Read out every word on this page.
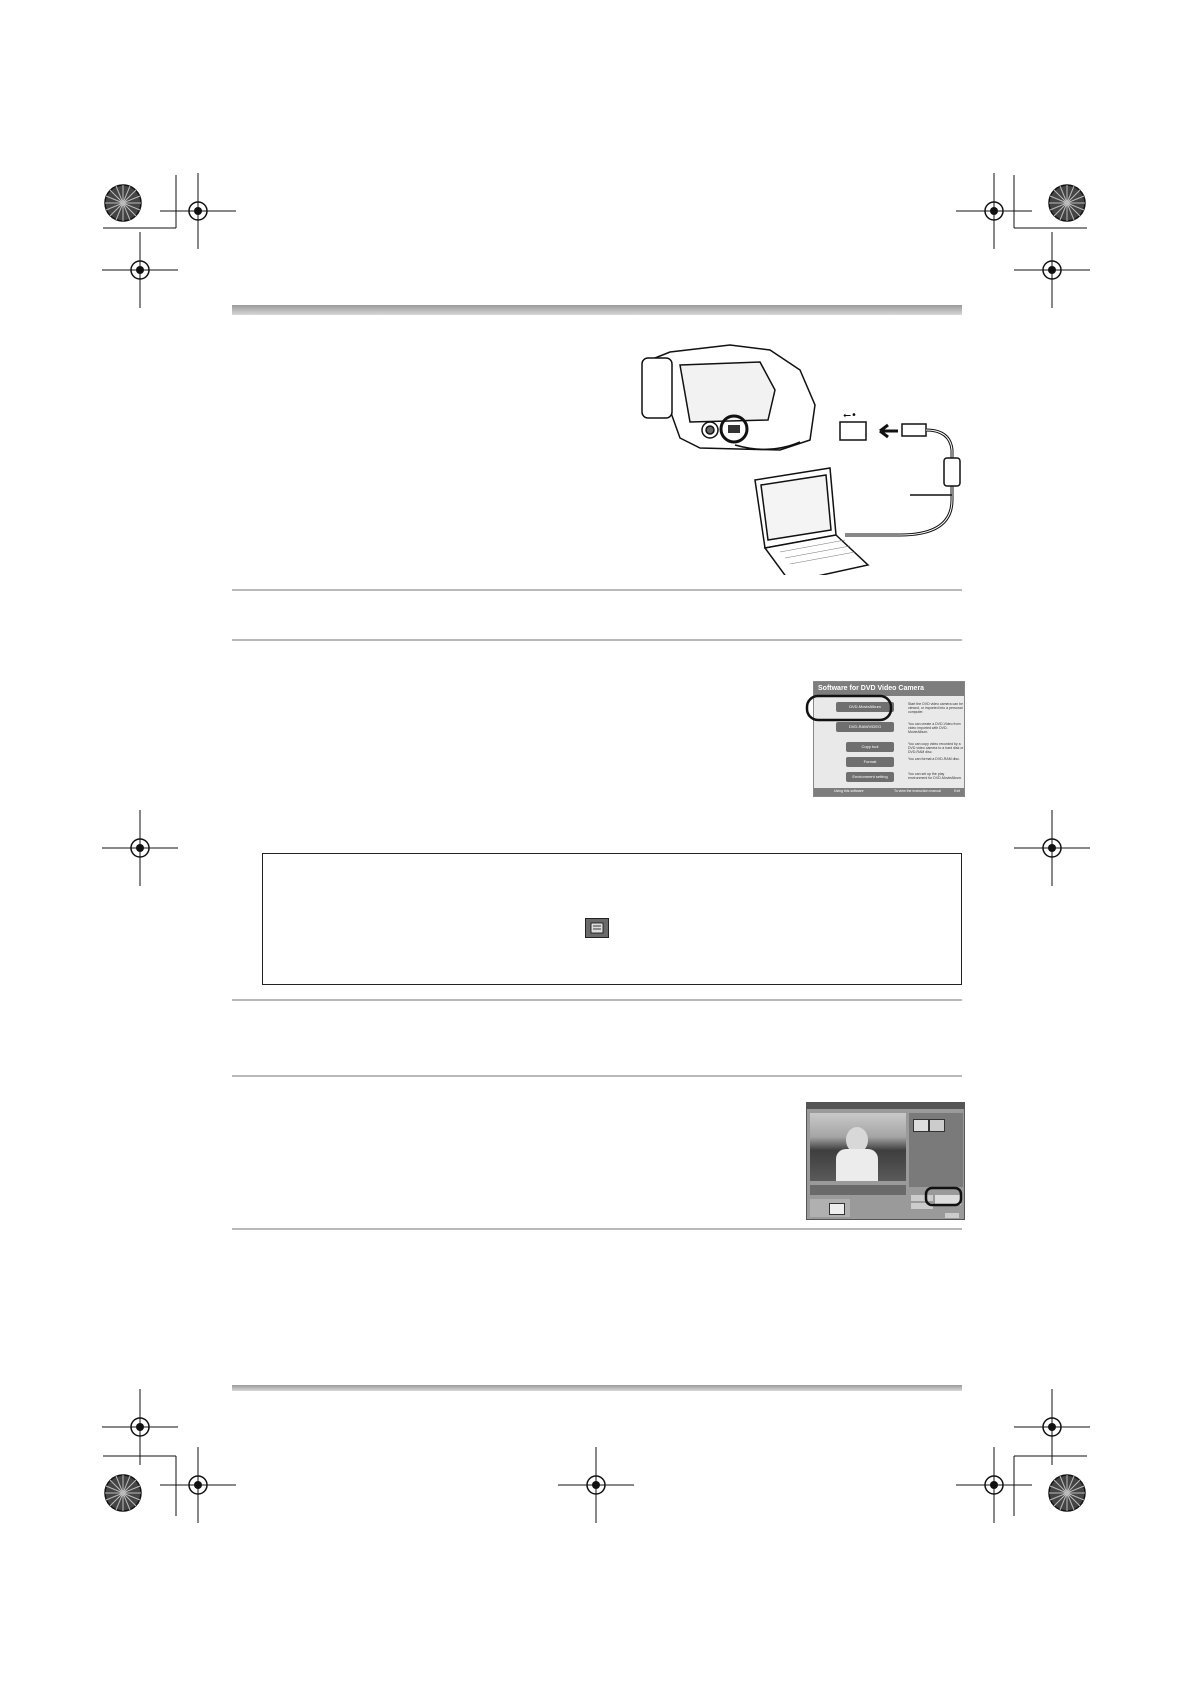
⭠•
Software for DVD Video Camera
DVD-MovieAlbum	Start the DVD video camera can be viewed, or imported into a personal computer.
DVD-RAM/VIDEO	You can create a DVD-Video from video imported with DVD-MovieAlbum.
Copy tool	You can copy video recorded by a DVD video camera to a hard disk or DVD-RAM disc.
Format	You can format a DVD-RAM disc.
Environment setting	You can set up the play environment for DVD-MovieAlbum.
Using this software	To view the instruction manual	Exit
